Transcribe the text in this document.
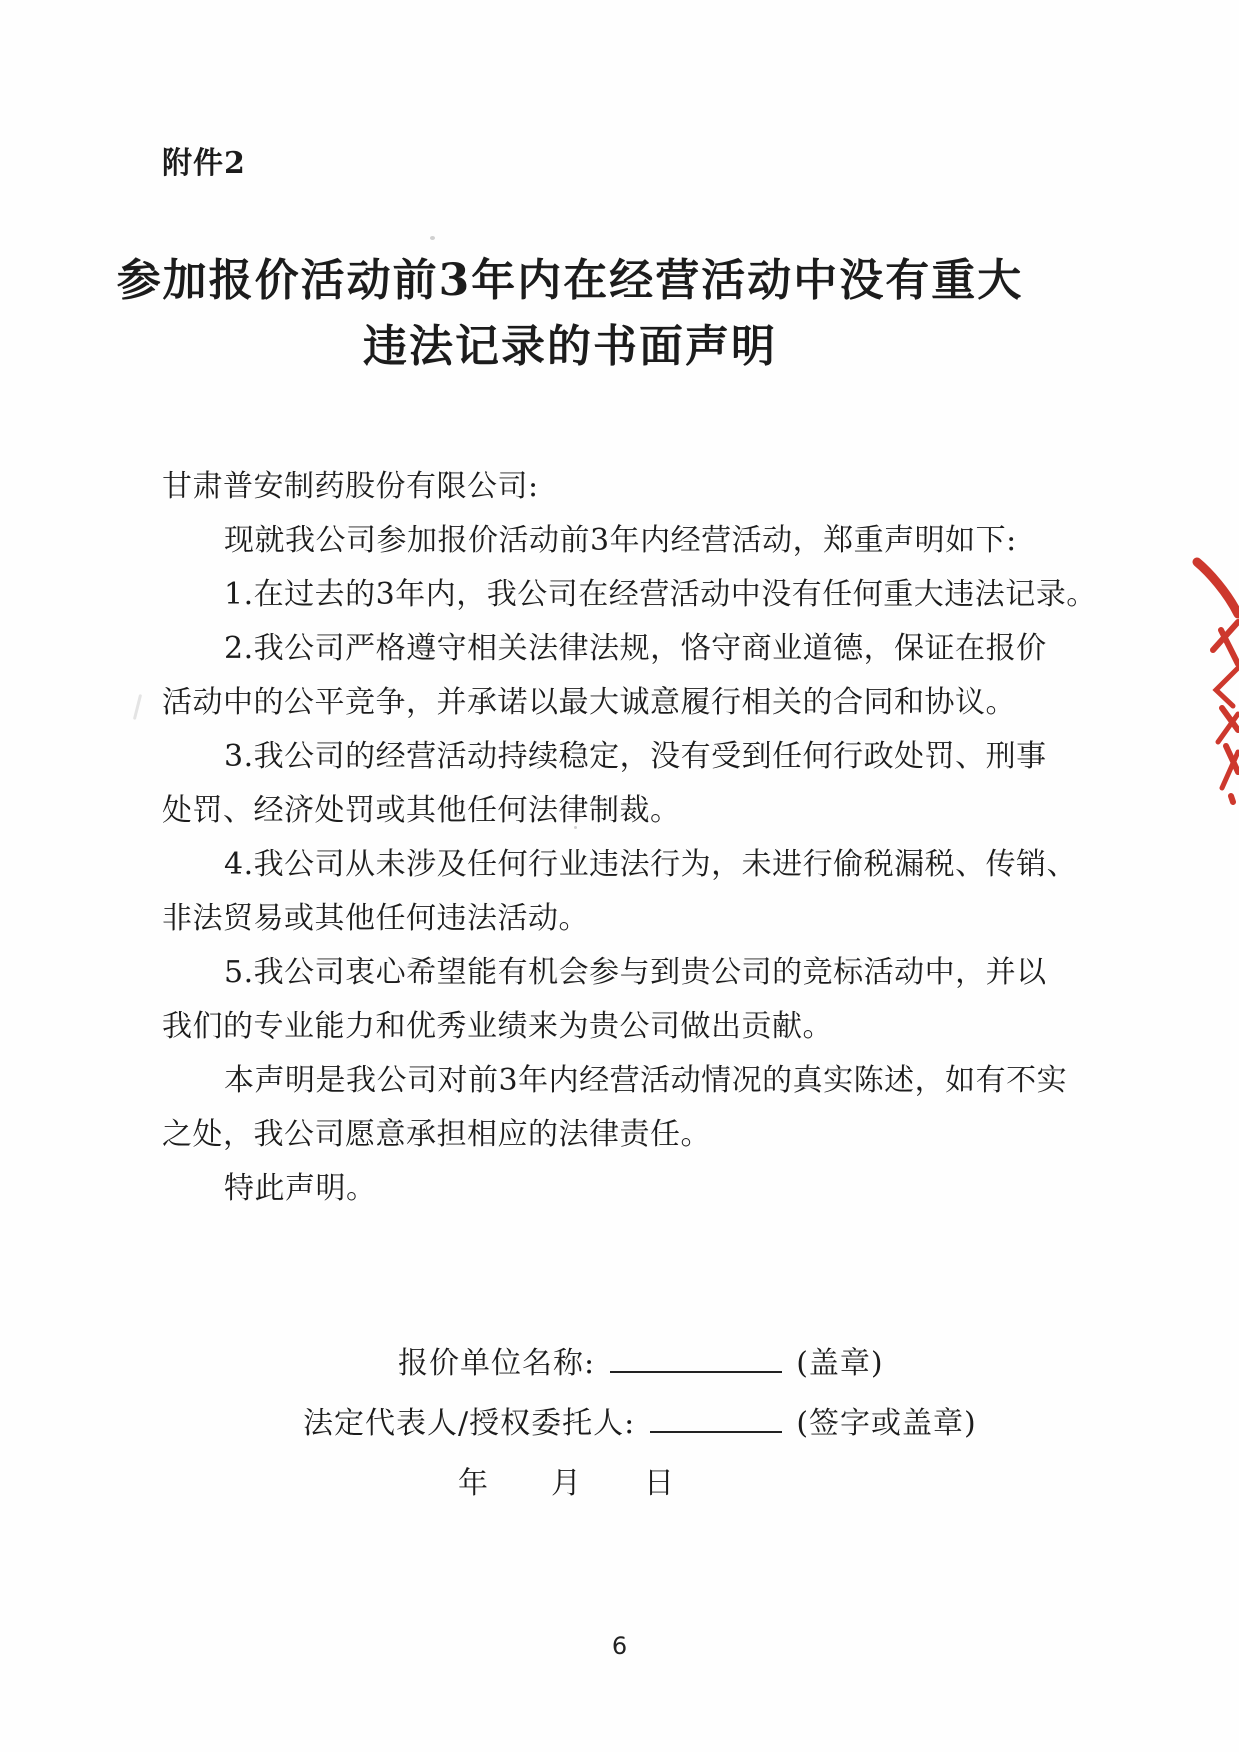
附件2
参加报价活动前3年内在经营活动中没有重大
违法记录的书面声明
甘肃普安制药股份有限公司:
现就我公司参加报价活动前3年内经营活动，郑重声明如下:
1.在过去的3年内，我公司在经营活动中没有任何重大违法记录。
2.我公司严格遵守相关法律法规，恪守商业道德，保证在报价
活动中的公平竞争，并承诺以最大诚意履行相关的合同和协议。
3.我公司的经营活动持续稳定，没有受到任何行政处罚、刑事
处罚、经济处罚或其他任何法律制裁。
4.我公司从未涉及任何行业违法行为，未进行偷税漏税、传销、
非法贸易或其他任何违法活动。
5.我公司衷心希望能有机会参与到贵公司的竞标活动中，并以
我们的专业能力和优秀业绩来为贵公司做出贡献。
本声明是我公司对前3年内经营活动情况的真实陈述，如有不实
之处，我公司愿意承担相应的法律责任。
特此声明。
报价单位名称:	(盖章)
法定代表人/授权委托人:	(签字或盖章)
年　　月　　日
6
